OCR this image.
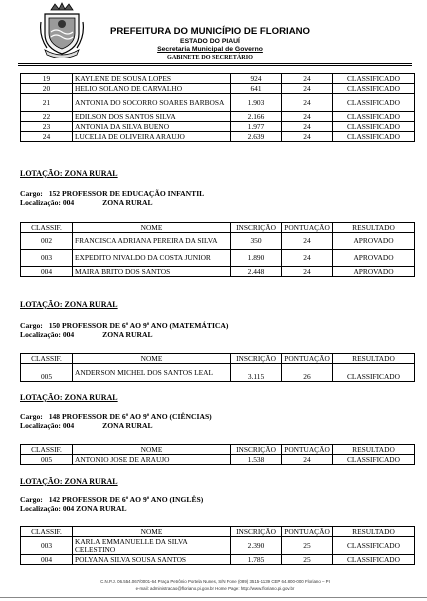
PREFEITURA DO MUNICÍPIO DE FLORIANO
ESTADO DO PIAUÍ
Secretaria Municipal de Governo
GABINETE DO SECRETÁRIO
19	KAYLENE DE SOUSA LOPES	924	24	CLASSIFICADO
20	HELIO SOLANO DE CARVALHO	641	24	CLASSIFICADO
21	ANTONIA DO SOCORRO SOARES BARBOSA	1.903	24	CLASSIFICADO
22	EDILSON DOS SANTOS SILVA	2.166	24	CLASSIFICADO
23	ANTONIA DA SILVA BUENO	1.977	24	CLASSIFICADO
24	LUCELIA DE OLIVEIRA ARAUJO	2.639	24	CLASSIFICADO
LOTAÇÃO: ZONA RURAL
Cargo: 152 PROFESSOR DE EDUCAÇÃO INFANTIL
Localização: 004	ZONA RURAL
CLASSIF.	NOME	INSCRIÇÃO	PONTUAÇÃO	RESULTADO
002	FRANCISCA ADRIANA PEREIRA DA SILVA	350	24	APROVADO
003	EXPEDITO NIVALDO DA COSTA JUNIOR	1.890	24	APROVADO
004	MAIRA BRITO DOS SANTOS	2.448	24	APROVADO
LOTAÇÃO: ZONA RURAL
Cargo: 150 PROFESSOR DE 6º AO 9º ANO (MATEMÁTICA)
Localização: 004	ZONA RURAL
CLASSIF.	NOME	INSCRIÇÃO	PONTUAÇÃO	RESULTADO
005	ANDERSON MICHEL DOS SANTOS LEAL	3.115	26	CLASSIFICADO
LOTAÇÃO: ZONA RURAL
Cargo: 148 PROFESSOR DE 6º AO 9º ANO (CIÊNCIAS)
Localização: 004	ZONA RURAL
CLASSIF.	NOME	INSCRIÇÃO	PONTUAÇÃO	RESULTADO
005	ANTONIO JOSE DE ARAUJO	1.538	24	CLASSIFICADO
LOTAÇÃO: ZONA RURAL
Cargo: 142 PROFESSOR DE 6º AO 9º ANO (INGLÊS)
Localização: 004 ZONA RURAL
CLASSIF.	NOME	INSCRIÇÃO	PONTUAÇÃO	RESULTADO
003	KARLA EMMANUELLE DA SILVA CELESTINO	2.390	25	CLASSIFICADO
004	POLYANA SILVA SOUSA SANTOS	1.785	25	CLASSIFICADO
C.N.P.J. 06.554.067/0001-64 Praça Petrônio Portela Nunes, S/N Fone (089) 3515-1139 CEP 64.800-000 Floriano – PI
e-mail: administracao@floriano.pi.gov.br Home Page: http://www.floriano.pi.gov.br
